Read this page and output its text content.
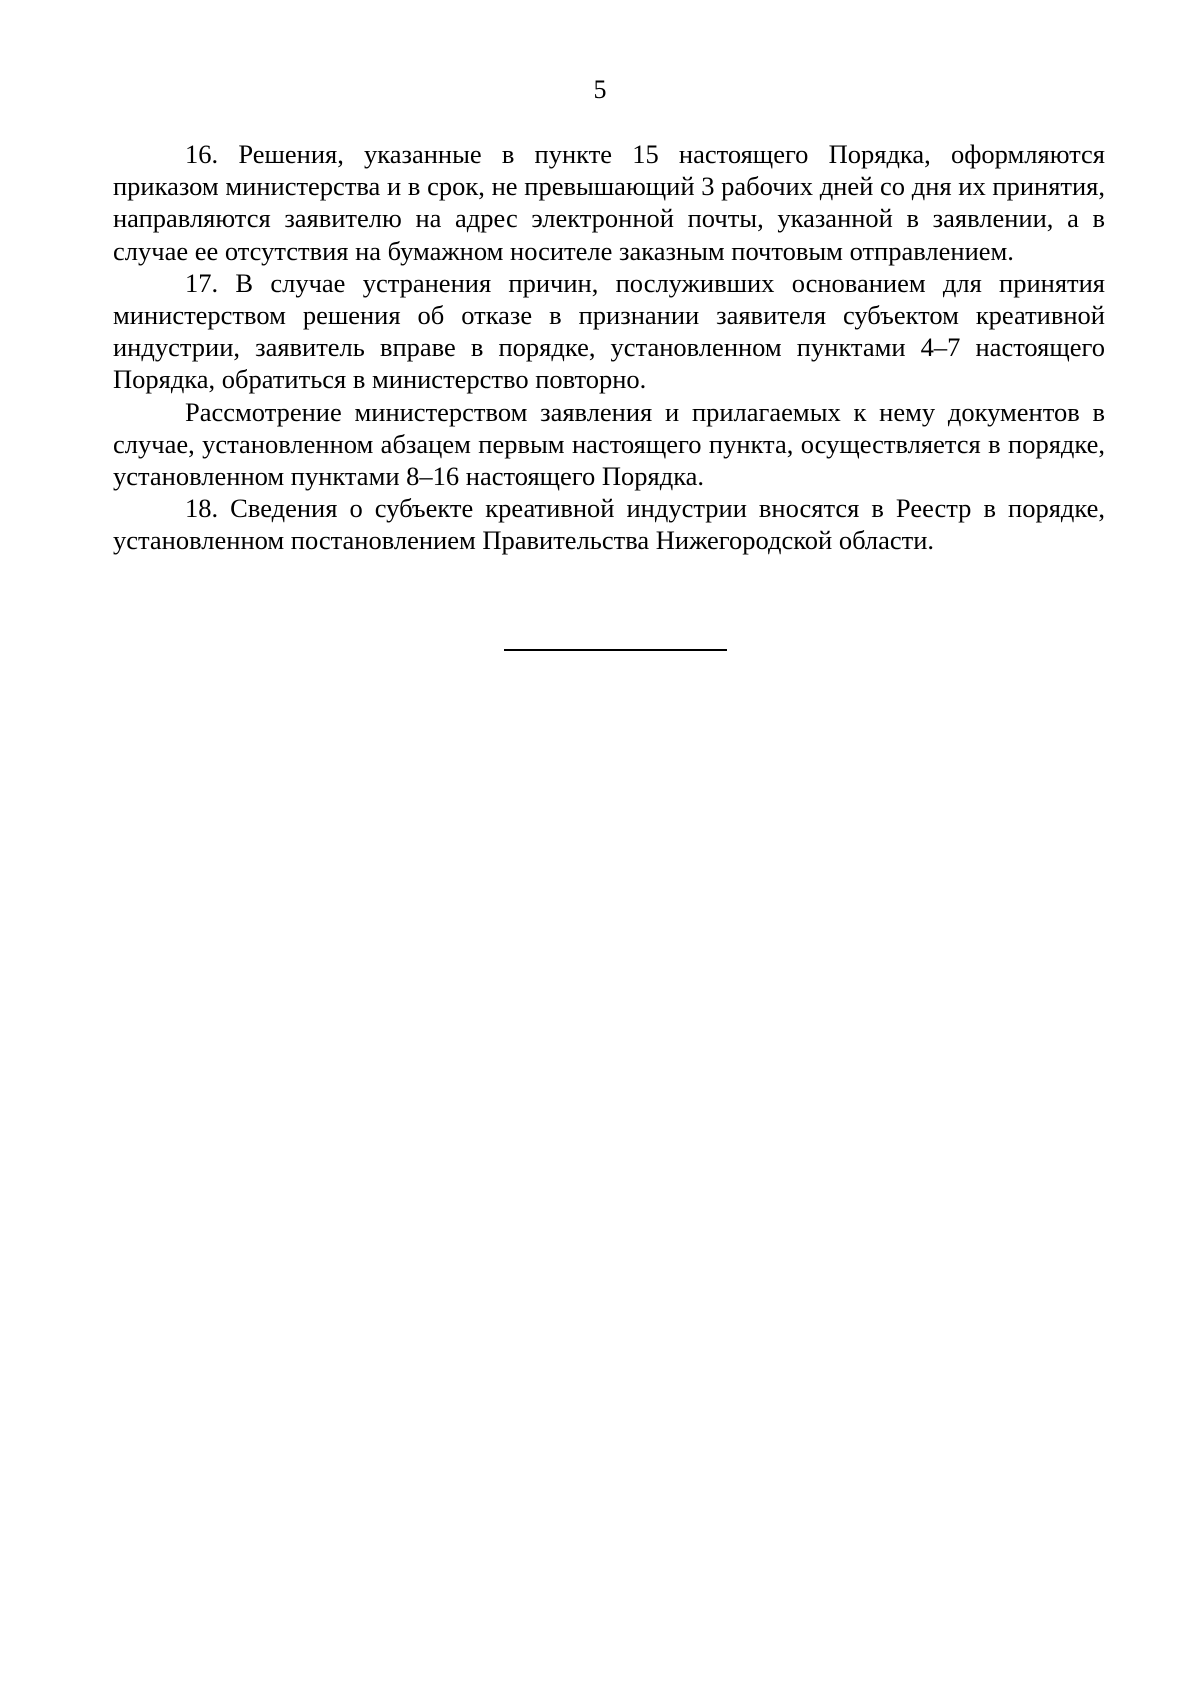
5

16. Решения, указанные в пункте 15 настоящего Порядка, оформляются приказом министерства и в срок, не превышающий 3 рабочих дней со дня их принятия, направляются заявителю на адрес электронной почты, указанной в заявлении, а в случае ее отсутствия на бумажном носителе заказным почтовым отправлением.

17. В случае устранения причин, послуживших основанием для принятия министерством решения об отказе в признании заявителя субъектом креативной индустрии, заявитель вправе в порядке, установленном пунктами 4–7 настоящего Порядка, обратиться в министерство повторно.

Рассмотрение министерством заявления и прилагаемых к нему документов в случае, установленном абзацем первым настоящего пункта, осуществляется в порядке, установленном пунктами 8–16 настоящего Порядка.

18. Сведения о субъекте креативной индустрии вносятся в Реестр в порядке, установленном постановлением Правительства Нижегородской области.
